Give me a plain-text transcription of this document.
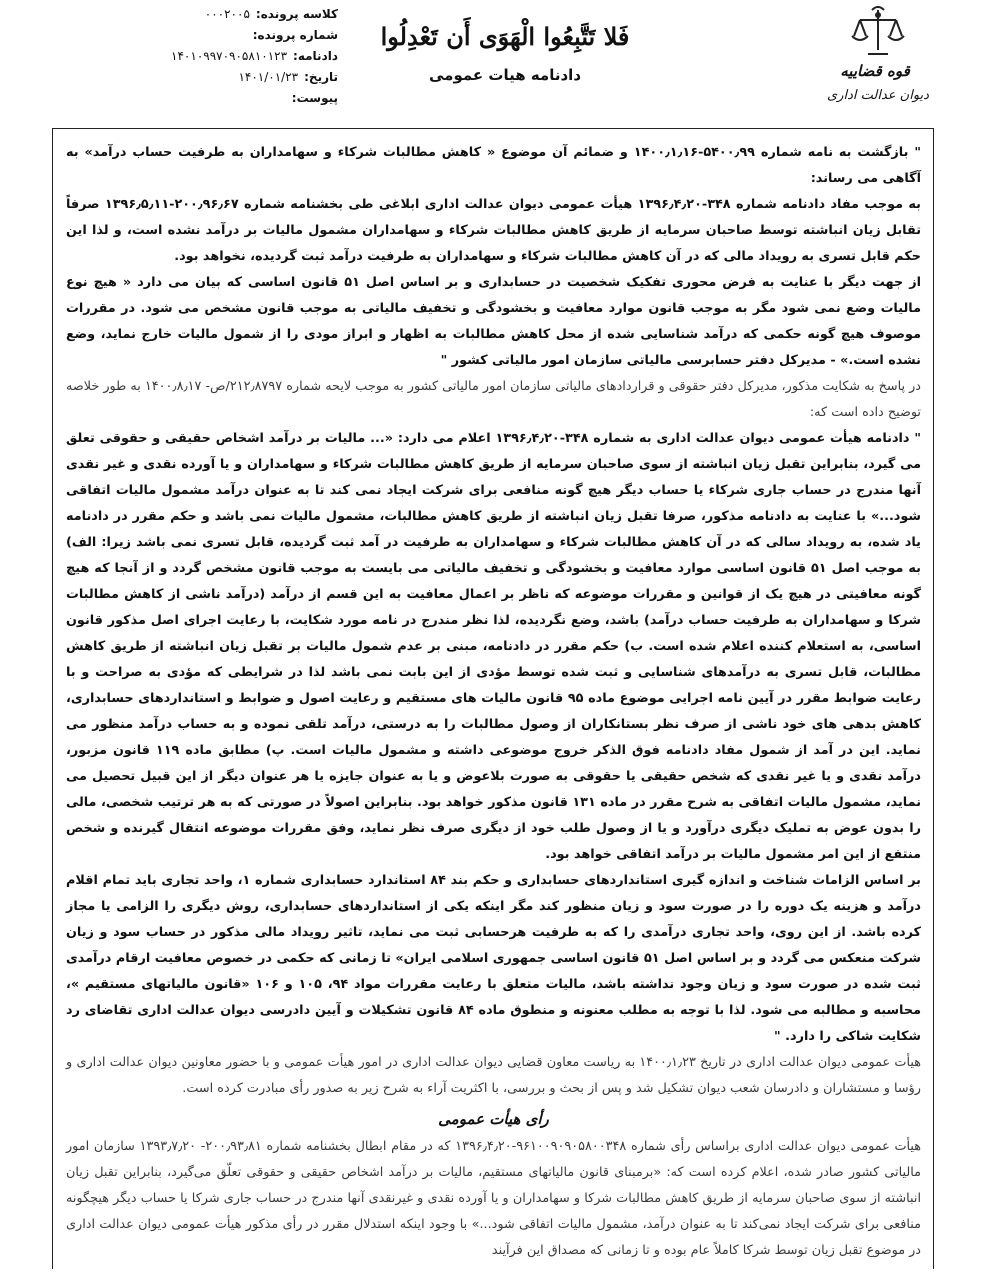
قوه قضاییه
دیوان عدالت اداری
فَلا تَتَّبِعُوا الْهَوَی أَن تَعْدِلُوا
دادنامه هیات عمومی
کلاسه پرونده:
۰۰۰۲۰۰۵
شماره پرونده:
دادنامه:
۱۴۰۱۰۹۹۷۰۹۰۵۸۱۰۱۲۳
تاریخ:
۱۴۰۱/۰۱/۲۳
پیوست:

" بازگشت به نامه شماره ۵۴۰۰٫۹۹-۱۴۰۰٫۱٫۱۶ و ضمائم آن موضوع « کاهش مطالبات شرکاء و سهامداران به طرفیت حساب درآمد» به آگاهی می رساند:

به موجب مفاد دادنامه شماره ۳۴۸-۱۳۹۶٫۴٫۲۰ هیأت عمومی دیوان عدالت اداری ابلاغی طی بخشنامه شماره ۲۰۰٫۹۶٫۶۷-۱۳۹۶٫۵٫۱۱ صرفاً تقابل زیان انباشته توسط صاحبان سرمایه از طریق کاهش مطالبات شرکاء و سهامداران مشمول مالیات بر درآمد نشده است، و لذا این حکم قابل تسری به رویداد مالی که در آن کاهش مطالبات شرکاء و سهامداران به طرفیت درآمد ثبت گردیده، نخواهد بود.

از جهت دیگر با عنایت به فرض محوری تفکیک شخصیت در حسابداری و بر اساس اصل ۵۱ قانون اساسی که بیان می دارد « هیچ نوع مالیات وضع نمی شود مگر به موجب قانون موارد معافیت و بخشودگی و تخفیف مالیاتی به موجب قانون مشخص می شود. در مقررات موصوف هیچ گونه حکمی که درآمد شناسایی شده از محل کاهش مطالبات به اظهار و ابراز مودی را از شمول مالیات خارج نماید، وضع نشده است.» - مدیرکل دفتر حسابرسی مالیاتی سازمان امور مالیاتی کشور "

در پاسخ به شکایت مذکور، مدیرکل دفتر حقوقی و قراردادهای مالیاتی سازمان امور مالیاتی کشور به موجب لایحه شماره ۲۱۲٫۸۷۹۷/ص- ۱۴۰۰٫۸٫۱۷ به طور خلاصه توضیح داده است که:

" دادنامه هیأت عمومی دیوان عدالت اداری به شماره ۳۴۸-۱۳۹۶٫۴٫۲۰ اعلام می دارد: «... مالیات بر درآمد اشخاص حقیقی و حقوقی تعلق می گیرد، بنابراین تقبل زیان انباشته از سوی صاحبان سرمایه از طریق کاهش مطالبات شرکاء و سهامداران و یا آورده نقدی و غیر نقدی آنها مندرج در حساب جاری شرکاء یا حساب دیگر هیچ گونه منافعی برای شرکت ایجاد نمی کند تا به عنوان درآمد مشمول مالیات اتفاقی شود...» با عنایت به دادنامه مذکور، صرفا تقبل زیان انباشته از طریق کاهش مطالبات، مشمول مالیات نمی باشد و حکم مقرر در دادنامه یاد شده، به رویداد سالی که در آن کاهش مطالبات شرکاء و سهامداران به طرفیت در آمد ثبت گردیده، قابل تسری نمی باشد زیرا: الف) به موجب اصل ۵۱ قانون اساسی موارد معافیت و بخشودگی و تخفیف مالیاتی می بایست به موجب قانون مشخص گردد و از آنجا که هیچ گونه معافیتی در هیچ یک از قوانین و مقررات موضوعه که ناظر بر اعمال معافیت به این قسم از درآمد (درآمد ناشی از کاهش مطالبات شرکا و سهامداران به طرفیت حساب درآمد) باشد، وضع نگردیده، لذا نظر مندرج در نامه مورد شکایت، با رعایت اجرای اصل مذکور قانون اساسی، به استعلام کننده اعلام شده است. ب) حکم مقرر در دادنامه، مبنی بر عدم شمول مالیات بر تقبل زیان انباشته از طریق کاهش مطالبات، قابل تسری به درآمدهای شناسایی و ثبت شده توسط مؤدی از این بابت نمی باشد لذا در شرایطی که مؤدی به صراحت و با رعایت ضوابط مقرر در آیین نامه اجرایی موضوع ماده ۹۵ قانون مالیات های مستقیم و رعایت اصول و ضوابط و استانداردهای حسابداری، کاهش بدهی های خود ناشی از صرف نظر بستانکاران از وصول مطالبات را به درستی، درآمد تلقی نموده و به حساب درآمد منظور می نماید. این در آمد از شمول مفاد دادنامه فوق الذکر خروج موضوعی داشته و مشمول مالیات است. پ) مطابق ماده ۱۱۹ قانون مزبور، درآمد نقدی و یا غیر نقدی که شخص حقیقی یا حقوقی به صورت بلاعوض و یا به عنوان جایزه یا هر عنوان دیگر از این قبیل تحصیل می نماید، مشمول مالیات اتفاقی به شرح مقرر در ماده ۱۳۱ قانون مذکور خواهد بود. بنابراین اصولاً در صورتی که به هر ترتیب شخصی، مالی را بدون عوض به تملیک دیگری درآورد و یا از وصول طلب خود از دیگری صرف نظر نماید، وفق مقررات موضوعه انتقال گیرنده و شخص منتفع از این امر مشمول مالیات بر درآمد اتفاقی خواهد بود.

بر اساس الزامات شناخت و اندازه گیری استانداردهای حسابداری و حکم بند ۸۴ استاندارد حسابداری شماره ۱، واحد تجاری باید تمام اقلام درآمد و هزینه یک دوره را در صورت سود و زیان منظور کند مگر اینکه یکی از استانداردهای حسابداری، روش دیگری را الزامی یا مجاز کرده باشد. از این روی، واحد تجاری درآمدی را که به طرفیت هرحسابی ثبت می نماید، تاثیر رویداد مالی مذکور در حساب سود و زیان شرکت منعکس می گردد و بر اساس اصل ۵۱ قانون اساسی جمهوری اسلامی ایران» تا زمانی که حکمی در خصوص معافیت ارقام درآمدی ثبت شده در صورت سود و زیان وجود نداشته باشد، مالیات متعلق با رعایت مقررات مواد ۹۴، ۱۰۵ و ۱۰۶ «قانون مالیاتهای مستقیم »، محاسبه و مطالبه می شود. لذا با توجه به مطلب معنونه و منطوق ماده ۸۴ قانون تشکیلات و آیین دادرسی دیوان عدالت اداری تقاضای رد شکایت شاکی را دارد. "

هیأت عمومی دیوان عدالت اداری در تاریخ ۱۴۰۰٫۱٫۲۳ به ریاست معاون قضایی دیوان عدالت اداری در امور هیأت عمومی و با حضور معاونین دیوان عدالت اداری و رؤسا و مستشاران و دادرسان شعب دیوان تشکیل شد و پس از بحث و بررسی، با اکثریت آراء به شرح زیر به صدور رأی مبادرت کرده است.

رأی هیأت عمومی

هیأت عمومی دیوان عدالت اداری براساس رأی شماره ۹۶۱۰۰۹۰۹۰۵۸۰۰۳۴۸-۱۳۹۶٫۴٫۲۰ که در مقام ابطال بخشنامه شماره ۲۰۰٫۹۳٫۸۱- ۱۳۹۳٫۷٫۲۰ سازمان امور مالیاتی کشور صادر شده، اعلام کرده است که: «برمبنای قانون مالیاتهای مستقیم، مالیات بر درآمد اشخاص حقیقی و حقوقی تعلّق می‌گیرد، بنابراین تقبل زیان انباشته از سوی صاحبان سرمایه از طریق کاهش مطالبات شرکا و سهامداران و یا آورده نقدی و غیرنقدی آنها مندرج در حساب جاری شرکا یا حساب دیگر هیچگونه منافعی برای شرکت ایجاد نمی‌کند تا به عنوان درآمد، مشمول مالیات اتفاقی شود...» با وجود اینکه استدلال مقرر در رأی مذکور هیأت عمومی دیوان عدالت اداری در موضوع تقبل زیان توسط شرکا کاملاً عام بوده و تا زمانی که مصداق این فرآیند
